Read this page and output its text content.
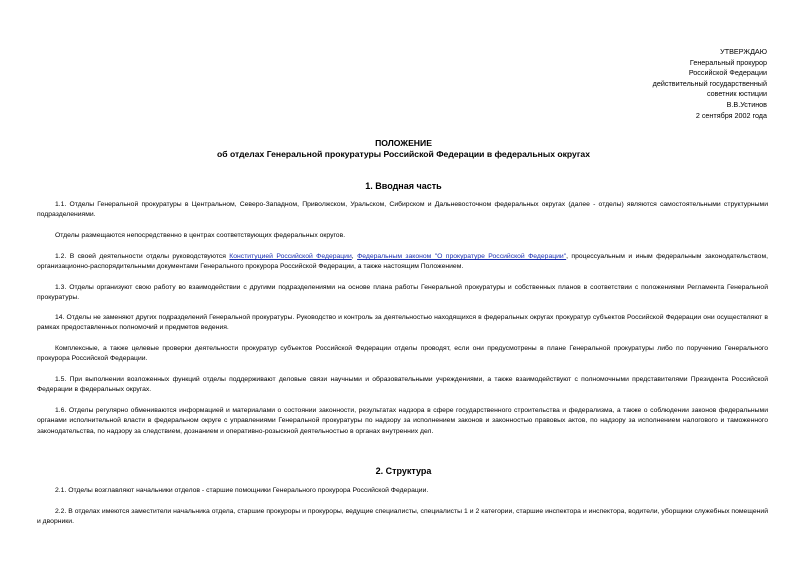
УТВЕРЖДАЮ
Генеральный прокурор
Российской Федерации
действительный государственный
советник юстиции
В.В.Устинов
2 сентября 2002 года
ПОЛОЖЕНИЕ
об отделах Генеральной прокуратуры Российской Федерации в федеральных округах
1. Вводная часть
1.1. Отделы Генеральной прокуратуры в Центральном, Северо-Западном, Приволжском, Уральском, Сибирском и Дальневосточном федеральных округах (далее - отделы) являются самостоятельными структурными подразделениями.
Отделы размещаются непосредственно в центрах соответствующих федеральных округов.
1.2. В своей деятельности отделы руководствуются Конституцией Российской Федерации, Федеральным законом "О прокуратуре Российской Федерации", процессуальным и иным федеральным законодательством, организационно-распорядительными документами Генерального прокурора Российской Федерации, а также настоящим Положением.
1.3. Отделы организуют свою работу во взаимодействии с другими подразделениями на основе плана работы Генеральной прокуратуры и собственных планов в соответствии с положениями Регламента Генеральной прокуратуры.
14. Отделы не заменяют других подразделений Генеральной прокуратуры. Руководство и контроль за деятельностью находящихся в федеральных округах прокуратур субъектов Российской Федерации они осуществляют в рамках предоставленных полномочий и предметов ведения.
Комплексные, а также целевые проверки деятельности прокуратур субъектов Российской Федерации отделы проводят, если они предусмотрены в плане Генеральной прокуратуры либо по поручению Генерального прокурора Российской Федерации.
1.5. При выполнении возложенных функций отделы поддерживают деловые связи научными и образовательными учреждениями, а также взаимодействуют с полномочными представителями Президента Российской Федерации в федеральных округах.
1.6. Отделы регулярно обмениваются информацией и материалами о состоянии законности, результатах надзора в сфере государственного строительства и федерализма, а также о соблюдении законов федеральными органами исполнительной власти в федеральном округе с управлениями Генеральной прокуратуры по надзору за исполнением законов и законностью правовых актов, по надзору за исполнением налогового и таможенного законодательства, по надзору за следствием, дознанием и оперативно-розыскной деятельностью в органах внутренних дел.
2. Структура
2.1. Отделы возглавляют начальники отделов - старшие помощники Генерального прокурора Российской Федерации.
2.2. В отделах имеются заместители начальника отдела, старшие прокуроры и прокуроры, ведущие специалисты, специалисты 1 и 2 категории, старшие инспектора и инспектора, водители, уборщики служебных помещений и дворники.
